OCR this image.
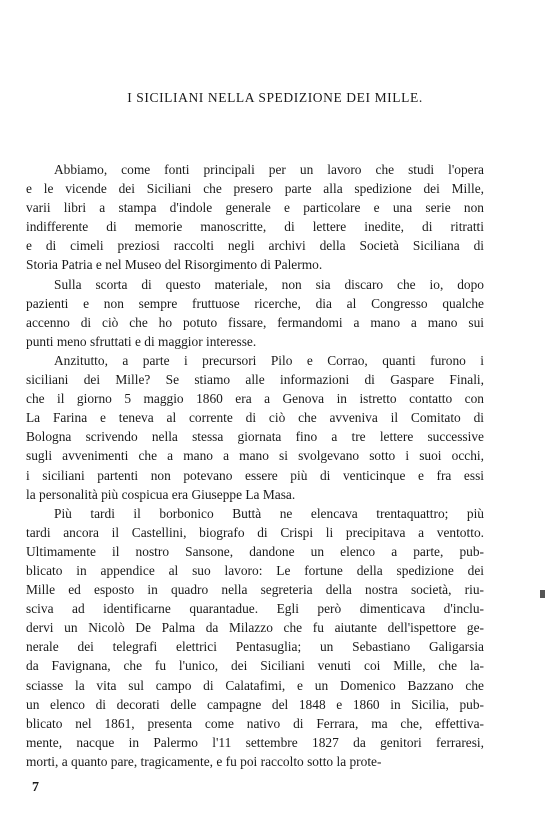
I SICILIANI NELLA SPEDIZIONE DEI MILLE.
Abbiamo, come fonti principali per un lavoro che studi l'opera
e le vicende dei Siciliani che presero parte alla spedizione dei Mille,
varii libri a stampa d'indole generale e particolare e una serie non
indifferente di memorie manoscritte, di lettere inedite, di ritratti
e di cimeli preziosi raccolti negli archivi della Società Siciliana di
Storia Patria e nel Museo del Risorgimento di Palermo.
Sulla scorta di questo materiale, non sia discaro che io, dopo
pazienti e non sempre fruttuose ricerche, dia al Congresso qualche
accenno di ciò che ho potuto fissare, fermandomi a mano a mano sui
punti meno sfruttati e di maggior interesse.
Anzitutto, a parte i precursori Pilo e Corrao, quanti furono i
siciliani dei Mille? Se stiamo alle informazioni di Gaspare Finali,
che il giorno 5 maggio 1860 era a Genova in istretto contatto con
La Farina e teneva al corrente di ciò che avveniva il Comitato di
Bologna scrivendo nella stessa giornata fino a tre lettere successive
sugli avvenimenti che a mano a mano si svolgevano sotto i suoi occhi,
i siciliani partenti non potevano essere più di venticinque e fra essi
la personalità più cospicua era Giuseppe La Masa.
Più tardi il borbonico Buttà ne elencava trentaquattro; più
tardi ancora il Castellini, biografo di Crispi li precipitava a ventotto.
Ultimamente il nostro Sansone, dandone un elenco a parte, pub-
blicato in appendice al suo lavoro: Le fortune della spedizione dei
Mille ed esposto in quadro nella segreteria della nostra società, riu-
sciva ad identificarne quarantadue. Egli però dimenticava d'inclu-
dervi un Nicolò De Palma da Milazzo che fu aiutante dell'ispettore ge-
nerale dei telegrafi elettrici Pentasuglia; un Sebastiano Galigarsia
da Favignana, che fu l'unico, dei Siciliani venuti coi Mille, che la-
sciasse la vita sul campo di Calatafimi, e un Domenico Bazzano che
un elenco di decorati delle campagne del 1848 e 1860 in Sicilia, pub-
blicato nel 1861, presenta come nativo di Ferrara, ma che, effettiva-
mente, nacque in Palermo l'11 settembre 1827 da genitori ferraresi,
morti, a quanto pare, tragicamente, e fu poi raccolto sotto la prote-
7
